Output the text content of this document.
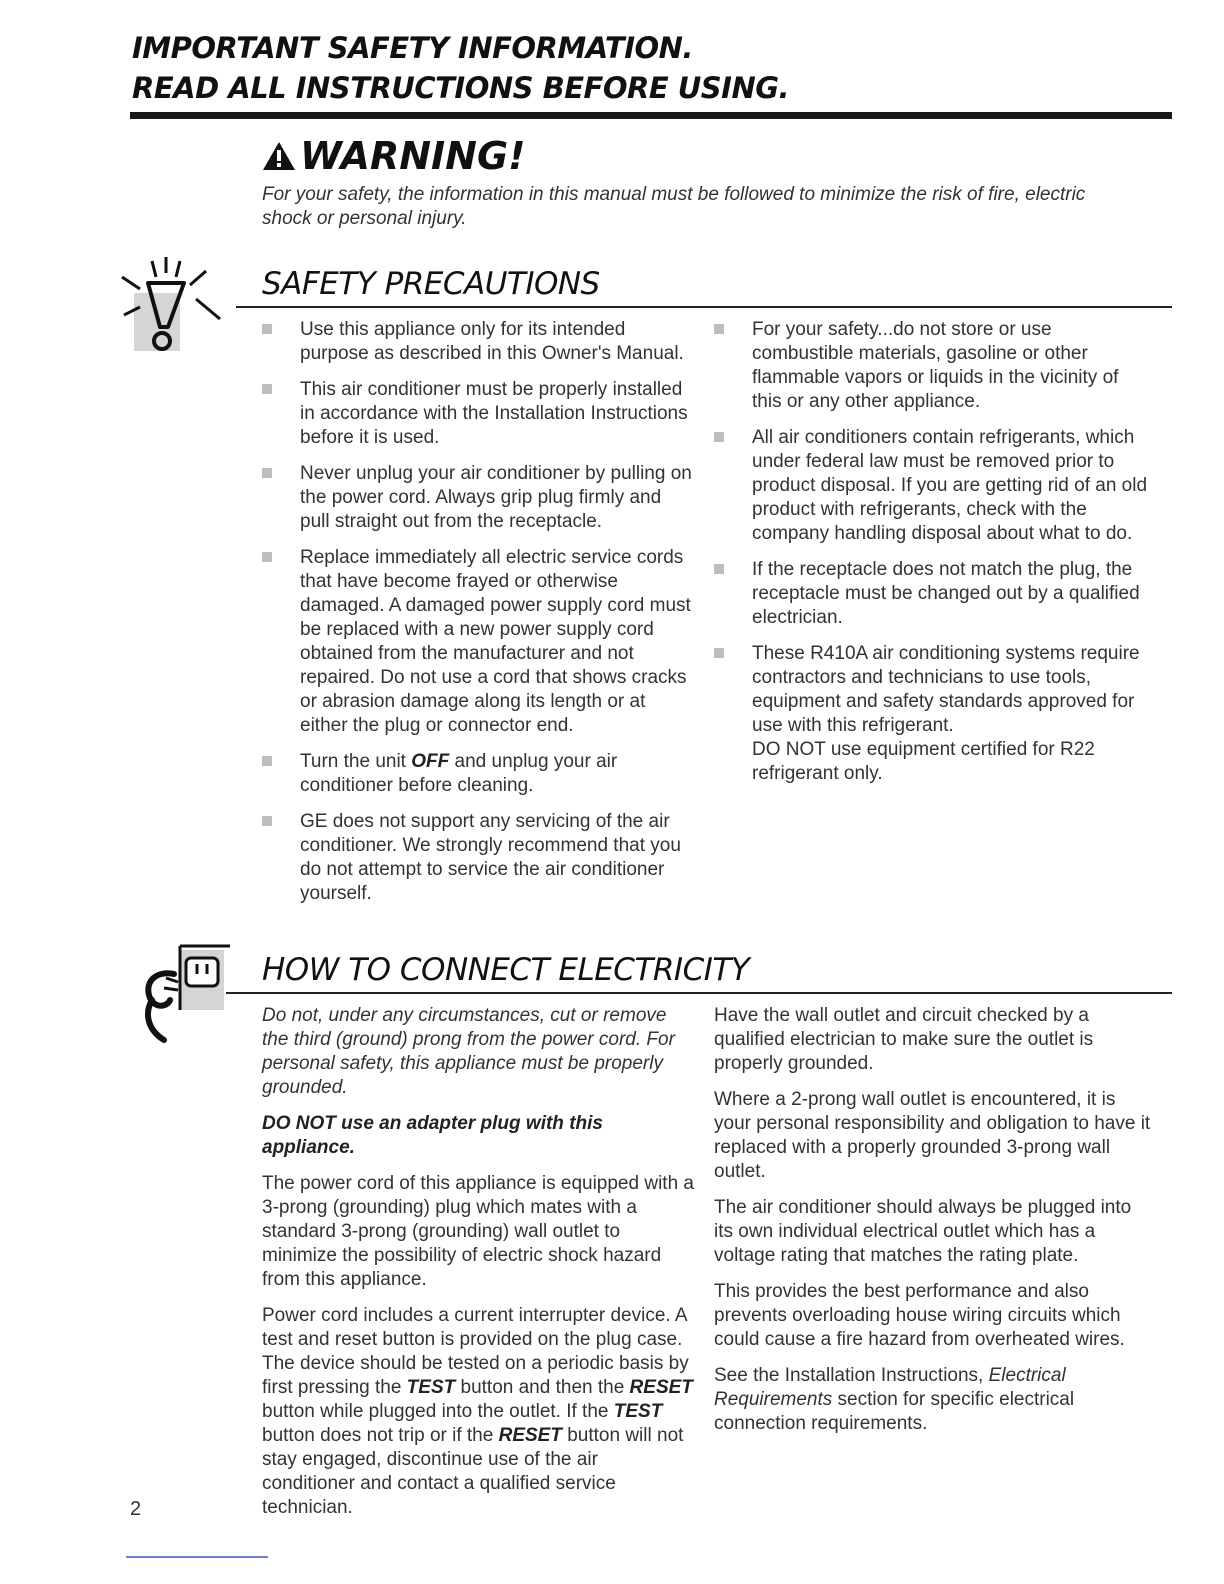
IMPORTANT SAFETY INFORMATION.
READ ALL INSTRUCTIONS BEFORE USING.
WARNING!
For your safety, the information in this manual must be followed to minimize the risk of fire, electric shock or personal injury.
SAFETY PRECAUTIONS
Use this appliance only for its intended purpose as described in this Owner's Manual.
This air conditioner must be properly installed in accordance with the Installation Instructions before it is used.
Never unplug your air conditioner by pulling on the power cord. Always grip plug firmly and pull straight out from the receptacle.
Replace immediately all electric service cords that have become frayed or otherwise damaged. A damaged power supply cord must be replaced with a new power supply cord obtained from the manufacturer and not repaired. Do not use a cord that shows cracks or abrasion damage along its length or at either the plug or connector end.
Turn the unit OFF and unplug your air conditioner before cleaning.
GE does not support any servicing of the air conditioner. We strongly recommend that you do not attempt to service the air conditioner yourself.
For your safety...do not store or use combustible materials, gasoline or other flammable vapors or liquids in the vicinity of this or any other appliance.
All air conditioners contain refrigerants, which under federal law must be removed prior to product disposal. If you are getting rid of an old product with refrigerants, check with the company handling disposal about what to do.
If the receptacle does not match the plug, the receptacle must be changed out by a qualified electrician.
These R410A air conditioning systems require contractors and technicians to use tools, equipment and safety standards approved for use with this refrigerant.
DO NOT use equipment certified for R22 refrigerant only.
HOW TO CONNECT ELECTRICITY
Do not, under any circumstances, cut or remove the third (ground) prong from the power cord. For personal safety, this appliance must be properly grounded.
DO NOT use an adapter plug with this appliance.
The power cord of this appliance is equipped with a 3-prong (grounding) plug which mates with a standard 3-prong (grounding) wall outlet to minimize the possibility of electric shock hazard from this appliance.
Power cord includes a current interrupter device. A test and reset button is provided on the plug case. The device should be tested on a periodic basis by first pressing the TEST button and then the RESET button while plugged into the outlet. If the TEST button does not trip or if the RESET button will not stay engaged, discontinue use of the air conditioner and contact a qualified service technician.
Have the wall outlet and circuit checked by a qualified electrician to make sure the outlet is properly grounded.
Where a 2-prong wall outlet is encountered, it is your personal responsibility and obligation to have it replaced with a properly grounded 3-prong wall outlet.
The air conditioner should always be plugged into its own individual electrical outlet which has a voltage rating that matches the rating plate.
This provides the best performance and also prevents overloading house wiring circuits which could cause a fire hazard from overheated wires.
See the Installation Instructions, Electrical Requirements section for specific electrical connection requirements.
2
